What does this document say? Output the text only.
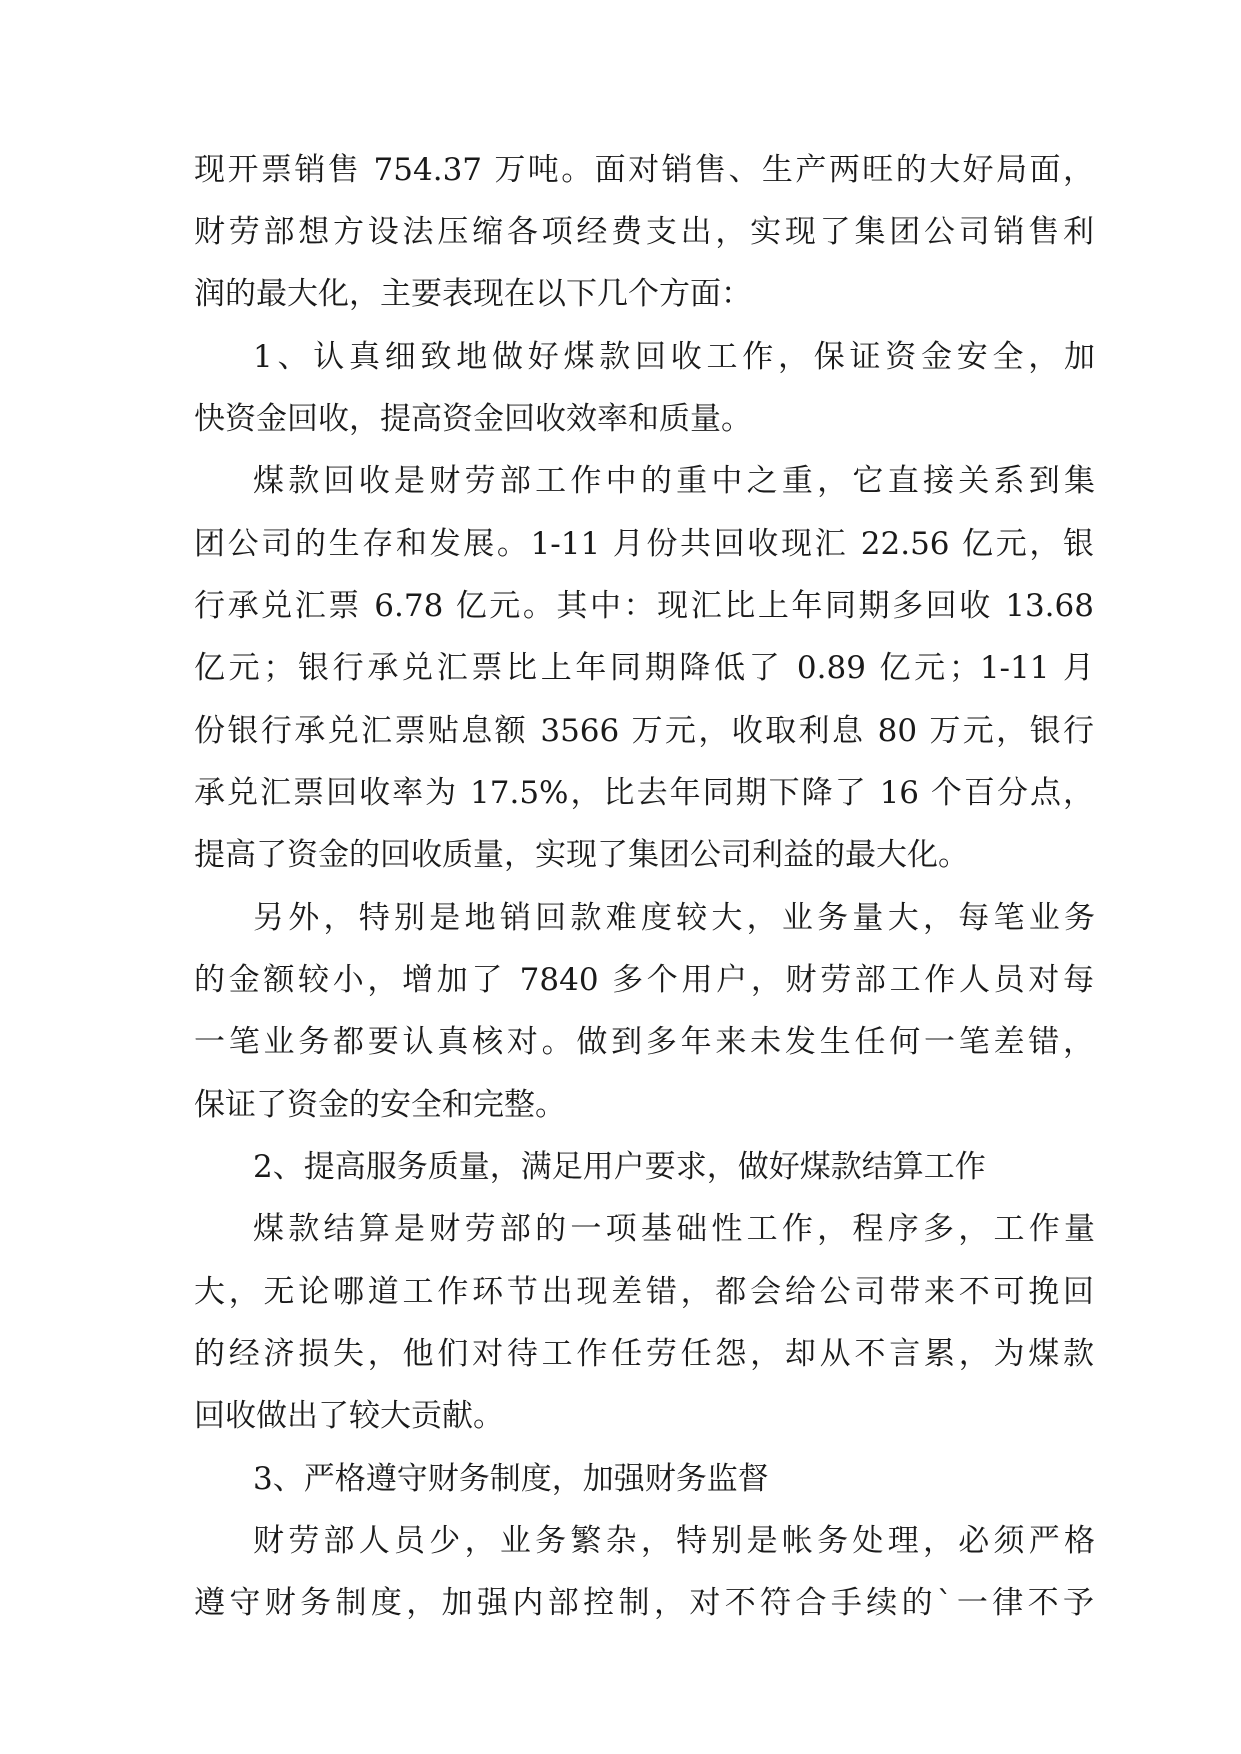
现开票销售 754.37 万吨。面对销售、生产两旺的大好局面，
财劳部想方设法压缩各项经费支出，实现了集团公司销售利
润的最大化，主要表现在以下几个方面：
1、认真细致地做好煤款回收工作，保证资金安全，加
快资金回收，提高资金回收效率和质量。
煤款回收是财劳部工作中的重中之重，它直接关系到集
团公司的生存和发展。1-11 月份共回收现汇 22.56 亿元，银
行承兑汇票 6.78 亿元。其中：现汇比上年同期多回收 13.68
亿元；银行承兑汇票比上年同期降低了 0.89 亿元；1-11 月
份银行承兑汇票贴息额 3566 万元，收取利息 80 万元，银行
承兑汇票回收率为 17.5%，比去年同期下降了 16 个百分点，
提高了资金的回收质量，实现了集团公司利益的最大化。
另外，特别是地销回款难度较大，业务量大，每笔业务
的金额较小，增加了 7840 多个用户，财劳部工作人员对每
一笔业务都要认真核对。做到多年来未发生任何一笔差错，
保证了资金的安全和完整。
2、提高服务质量，满足用户要求，做好煤款结算工作
煤款结算是财劳部的一项基础性工作，程序多，工作量
大，无论哪道工作环节出现差错，都会给公司带来不可挽回
的经济损失，他们对待工作任劳任怨，却从不言累，为煤款
回收做出了较大贡献。
3、严格遵守财务制度，加强财务监督
财劳部人员少，业务繁杂，特别是帐务处理，必须严格
遵守财务制度，加强内部控制，对不符合手续的`一律不予
